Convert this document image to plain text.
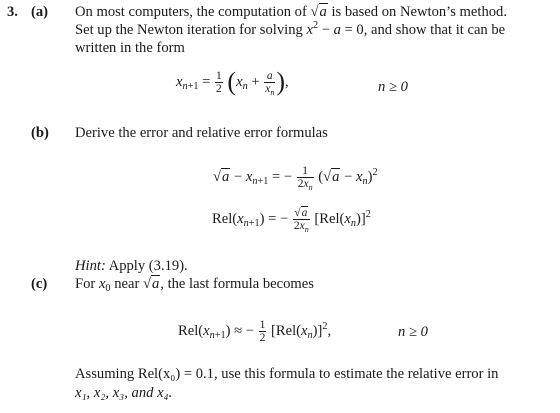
3. (a) On most computers, the computation of √a is based on Newton’s method.
Set up the Newton iteration for solving $x^2 - a = 0$, and show that it can be
written in the form
$x_{n+1} = \frac{1}{2} (x_n + \frac{a}{x_n}$ ),	n ≥ 0
(b) Derive the error and relative error formulas
$√a - x_{n+1}$ = − $\frac{1}{2x_n} (√a - x_n)^2$
$Rel(x_{n+1})$ = − $\frac{√a}{2x_n} [Rel(x_n)]^2$
Hint: Apply (3.19).
(c) For $x_0$ near √a, the last formula becomes
$Rel(x_{n+1})$ ≈ − $\frac{1}{2} [Rel(x_n)]^2$,	n ≥ 0
Assuming Rel(x₀) = 0.1, use this formula to estimate the relative error in
x₁, x₂, x₃, and x₄.
